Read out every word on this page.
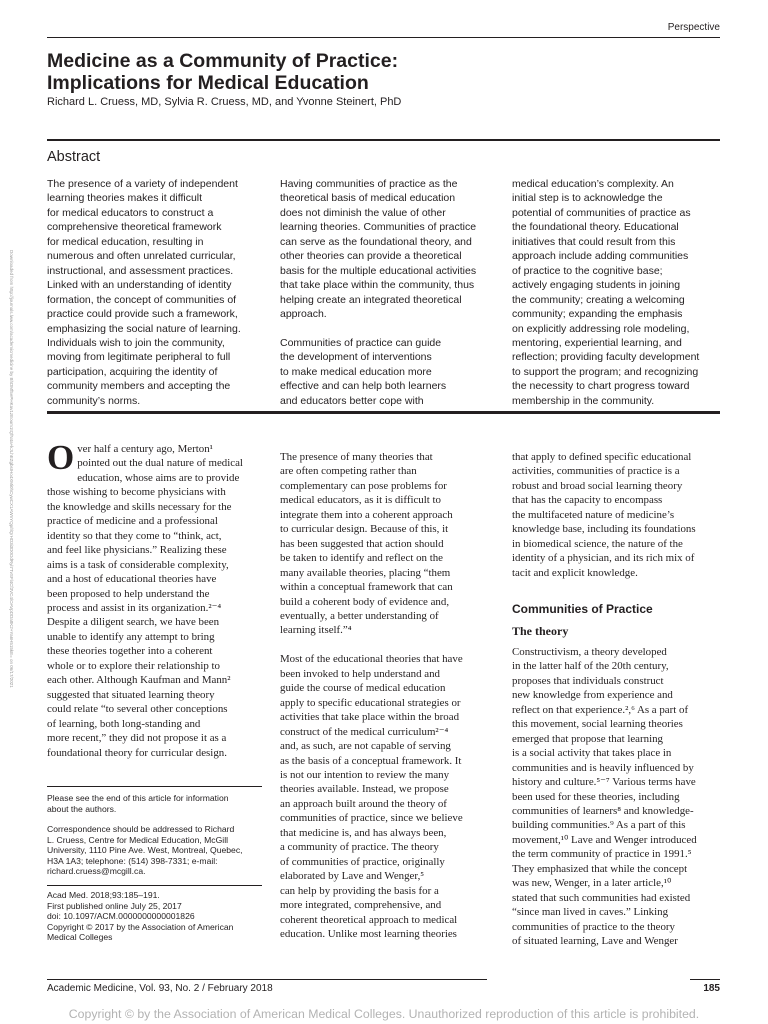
Perspective
Medicine as a Community of Practice:
Implications for Medical Education
Richard L. Cruess, MD, Sylvia R. Cruess, MD, and Yvonne Steinert, PhD
Abstract
The presence of a variety of independent
learning theories makes it difficult
for medical educators to construct a
comprehensive theoretical framework
for medical education, resulting in
numerous and often unrelated curricular,
instructional, and assessment practices.
Linked with an understanding of identity
formation, the concept of communities of
practice could provide such a framework,
emphasizing the social nature of learning.
Individuals wish to join the community,
moving from legitimate peripheral to full
participation, acquiring the identity of
community members and accepting the
community’s norms.
Having communities of practice as the
theoretical basis of medical education
does not diminish the value of other
learning theories. Communities of practice
can serve as the foundational theory, and
other theories can provide a theoretical
basis for the multiple educational activities
that take place within the community, thus
helping create an integrated theoretical
approach.

Communities of practice can guide
the development of interventions
to make medical education more
effective and can help both learners
and educators better cope with
medical education’s complexity. An
initial step is to acknowledge the
potential of communities of practice as
the foundational theory. Educational
initiatives that could result from this
approach include adding communities
of practice to the cognitive base;
actively engaging students in joining
the community; creating a welcoming
community; expanding the emphasis
on explicitly addressing role modeling,
mentoring, experiential learning, and
reflection; providing faculty development
to support the program; and recognizing
the necessity to chart progress toward
membership in the community.
Over half a century ago, Merton¹
pointed out the dual nature of medical
education, whose aims are to provide
those wishing to become physicians with
the knowledge and skills necessary for the
practice of medicine and a professional
identity so that they come to “think, act,
and feel like physicians.” Realizing these
aims is a task of considerable complexity,
and a host of educational theories have
been proposed to help understand the
process and assist in its organization.²⁻⁴
Despite a diligent search, we have been
unable to identify any attempt to bring
these theories together into a coherent
whole or to explore their relationship to
each other. Although Kaufman and Mann²
suggested that situated learning theory
could relate “to several other conceptions
of learning, both long-standing and
more recent,” they did not propose it as a
foundational theory for curricular design.
The presence of many theories that
are often competing rather than
complementary can pose problems for
medical educators, as it is difficult to
integrate them into a coherent approach
to curricular design. Because of this, it
has been suggested that action should
be taken to identify and reflect on the
many available theories, placing “them
within a conceptual framework that can
build a coherent body of evidence and,
eventually, a better understanding of
learning itself.”⁴

Most of the educational theories that have
been invoked to help understand and
guide the course of medical education
apply to specific educational strategies or
activities that take place within the broad
construct of the medical curriculum²⁻⁴
and, as such, are not capable of serving
as the basis of a conceptual framework. It
is not our intention to review the many
theories available. Instead, we propose
an approach built around the theory of
communities of practice, since we believe
that medicine is, and has always been,
a community of practice. The theory
of communities of practice, originally
elaborated by Lave and Wenger,⁵
can help by providing the basis for a
more integrated, comprehensive, and
coherent theoretical approach to medical
education. Unlike most learning theories
that apply to defined specific educational
activities, communities of practice is a
robust and broad social learning theory
that has the capacity to encompass
the multifaceted nature of medicine’s
knowledge base, including its foundations
in biomedical science, the nature of the
identity of a physician, and its rich mix of
tacit and explicit knowledge.
Communities of Practice
The theory
Constructivism, a theory developed
in the latter half of the 20th century,
proposes that individuals construct
new knowledge from experience and
reflect on that experience.²,⁶ As a part of
this movement, social learning theories
emerged that propose that learning
is a social activity that takes place in
communities and is heavily influenced by
history and culture.⁵⁻⁷ Various terms have
been used for these theories, including
communities of learners⁸ and knowledge-
building communities.⁹ As a part of this
movement,¹⁰ Lave and Wenger introduced
the term community of practice in 1991.⁵
They emphasized that while the concept
was new, Wenger, in a later article,¹⁰
stated that such communities had existed
“since man lived in caves.” Linking
communities of practice to the theory
of situated learning, Lave and Wenger
Please see the end of this article for information
about the authors.
Correspondence should be addressed to Richard
L. Cruess, Centre for Medical Education, McGill
University, 1110 Pine Ave. West, Montreal, Quebec,
H3A 1A3; telephone: (514) 398-7331; e-mail:
richard.cruess@mcgill.ca.
Acad Med. 2018;93:185–191.
First published online July 25, 2017
doi: 10.1097/ACM.0000000000001826
Copyright © 2017 by the Association of American
Medical Colleges
Downloaded from http://journals.lww.com/academicmedicine by BhDMf5ePHKav1zEoum1tQfN4a+kJLhEZgbsIHo4XMi0hCywCX1AWnYQp/IlQrHD3i3D0OdRyi7TvSFl4Cf3VC4/OAVpDDa8K2+Ya6H515kE= on 06/17/2021
Academic Medicine, Vol. 93, No. 2 / February 2018	185
Copyright © by the Association of American Medical Colleges. Unauthorized reproduction of this article is prohibited.
